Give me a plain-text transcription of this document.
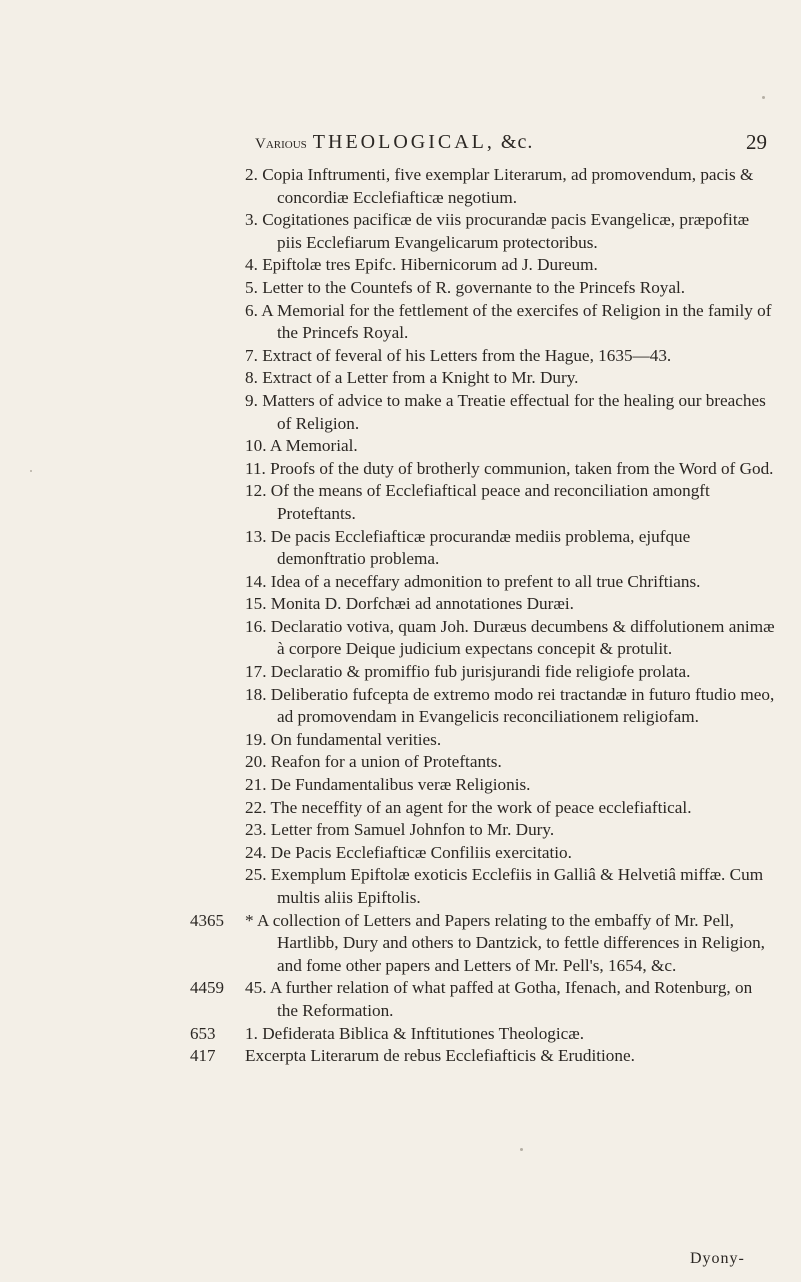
Various THEOLOGICAL, &c.	29
2. Copia Inftrumenti, five exemplar Literarum, ad promovendum, pacis & concordiæ Ecclefiafticæ negotium.
3. Cogitationes pacificæ de viis procurandæ pacis Evangelicæ, præpofitæ piis Ecclefiarum Evangelicarum protectoribus.
4. Epiftolæ tres Epifc. Hibernicorum ad J. Dureum.
5. Letter to the Countefs of R. governante to the Princefs Royal.
6. A Memorial for the fettlement of the exercifes of Religion in the family of the Princefs Royal.
7. Extract of feveral of his Letters from the Hague, 1635—43.
8. Extract of a Letter from a Knight to Mr. Dury.
9. Matters of advice to make a Treatie effectual for the healing our breaches of Religion.
10. A Memorial.
11. Proofs of the duty of brotherly communion, taken from the Word of God.
12. Of the means of Ecclefiaftical peace and reconciliation amongft Proteftants.
13. De pacis Ecclefiafticæ procurandæ mediis problema, ejufque demonftratio problema.
14. Idea of a neceffary admonition to prefent to all true Chriftians.
15. Monita D. Dorfchæi ad annotationes Duræi.
16. Declaratio votiva, quam Joh. Duræus decumbens & diffolutionem animæ à corpore Deique judicium expectans concepit & protulit.
17. Declaratio & promiffio fub jurisjurandi fide religiofe prolata.
18. Deliberatio fufcepta de extremo modo rei tractandæ in futuro ftudio meo, ad promovendam in Evangelicis reconciliationem religiofam.
19. On fundamental verities.
20. Reafon for a union of Proteftants.
21. De Fundamentalibus veræ Religionis.
22. The neceffity of an agent for the work of peace ecclefiaftical.
23. Letter from Samuel Johnfon to Mr. Dury.
24. De Pacis Ecclefiafticæ Confiliis exercitatio.
25. Exemplum Epiftolæ exoticis Ecclefiis in Galliâ & Helvetiâ miffæ. Cum multis aliis Epiftolis.
4365 * A collection of Letters and Papers relating to the embaffy of Mr. Pell, Hartlibb, Dury and others to Dantzick, to fettle differences in Religion, and fome other papers and Letters of Mr. Pell's, 1654, &c.
4459 45. A further relation of what paffed at Gotha, Ifenach, and Rotenburg, on the Reformation.
653 1. Defiderata Biblica & Inftitutiones Theologicæ.
417 Excerpta Literarum de rebus Ecclefiafticis & Eruditione.
Dyony-
